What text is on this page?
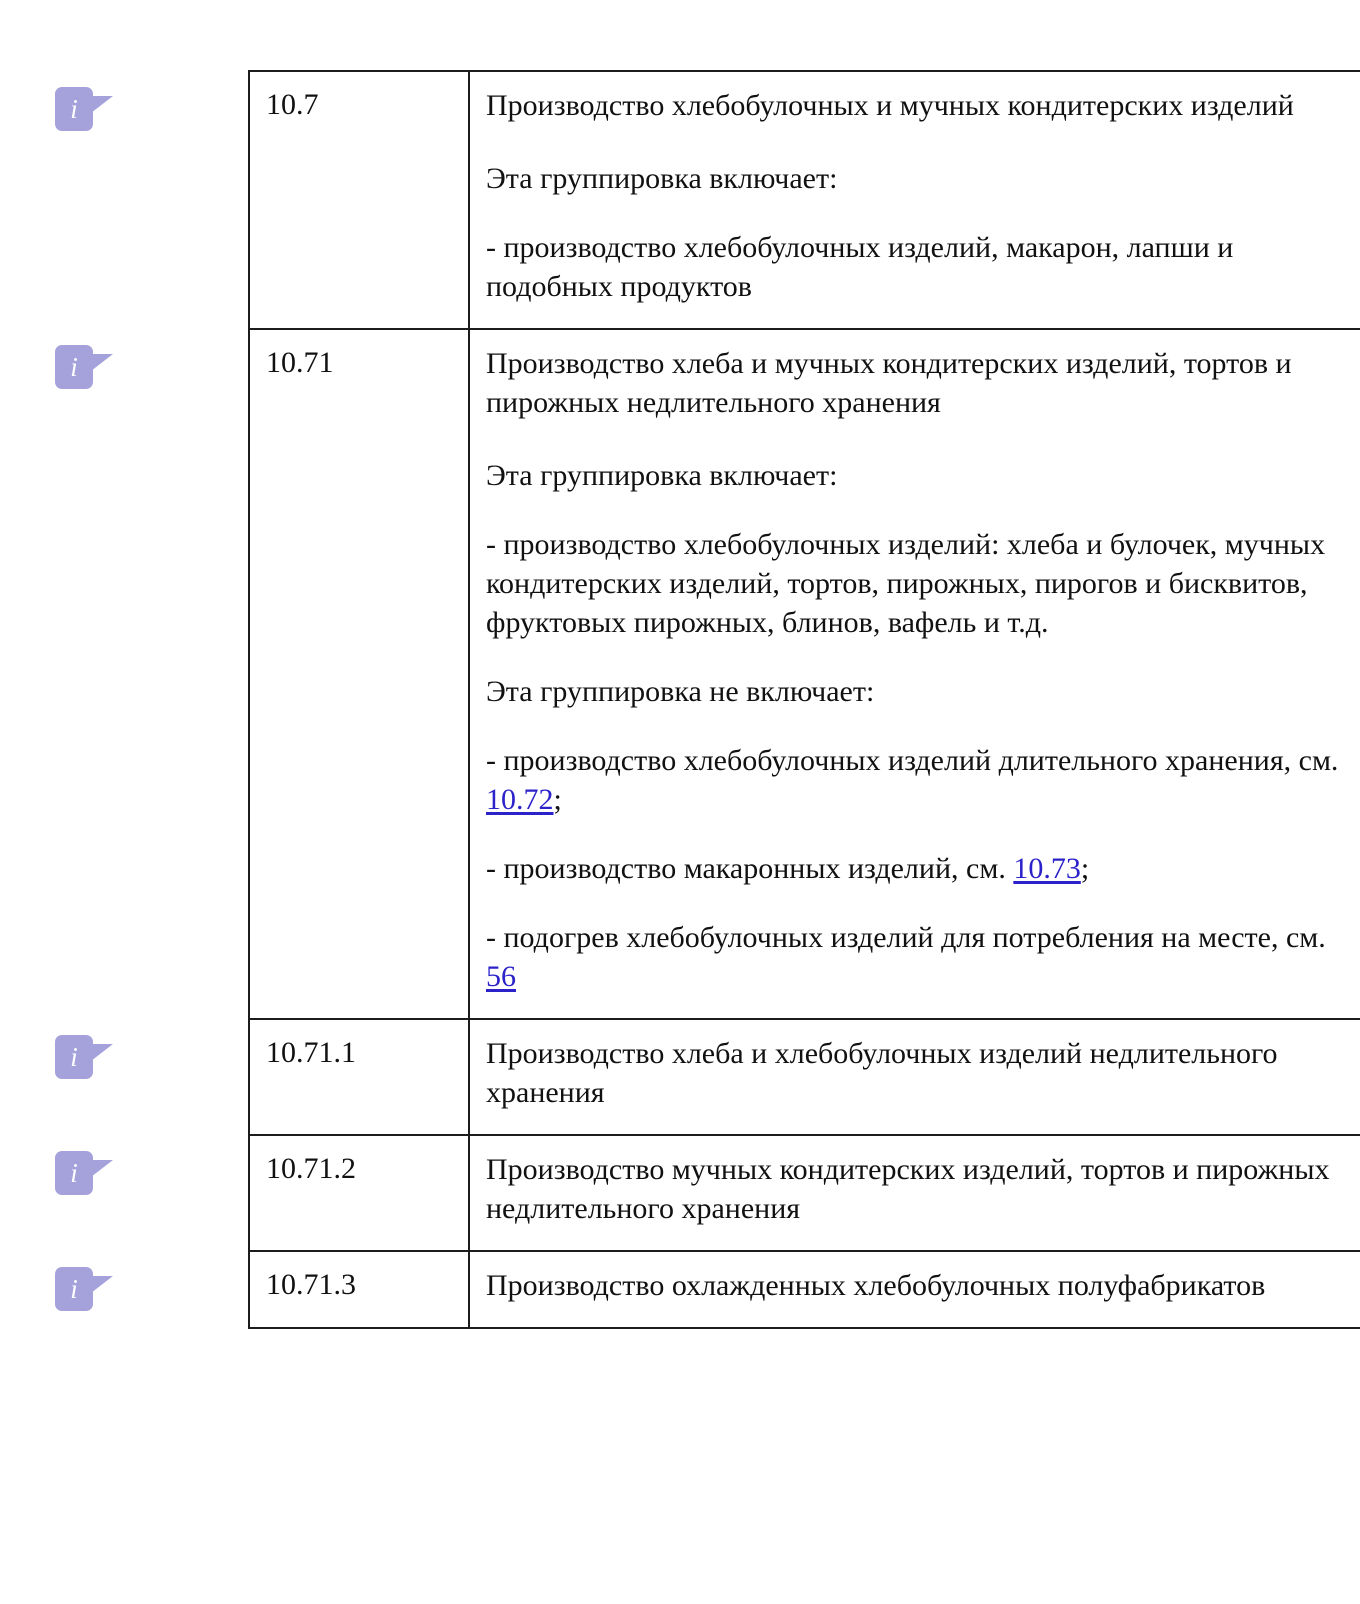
10.7	Производство хлебобулочных и мучных кондитерских изделий

Эта группировка включает:

- производство хлебобулочных изделий, макарон, лапши и подобных продуктов

10.71	Производство хлеба и мучных кондитерских изделий, тортов и пирожных недлительного хранения

Эта группировка включает:

- производство хлебобулочных изделий: хлеба и булочек, мучных кондитерских изделий, тортов, пирожных, пирогов и бисквитов, фруктовых пирожных, блинов, вафель и т.д.

Эта группировка не включает:

- производство хлебобулочных изделий длительного хранения, см. 10.72;

- производство макаронных изделий, см. 10.73;

- подогрев хлебобулочных изделий для потребления на месте, см. 56

10.71.1	Производство хлеба и хлебобулочных изделий недлительного хранения

10.71.2	Производство мучных кондитерских изделий, тортов и пирожных недлительного хранения

10.71.3	Производство охлажденных хлебобулочных полуфабрикатов

i
i
i
i
i
